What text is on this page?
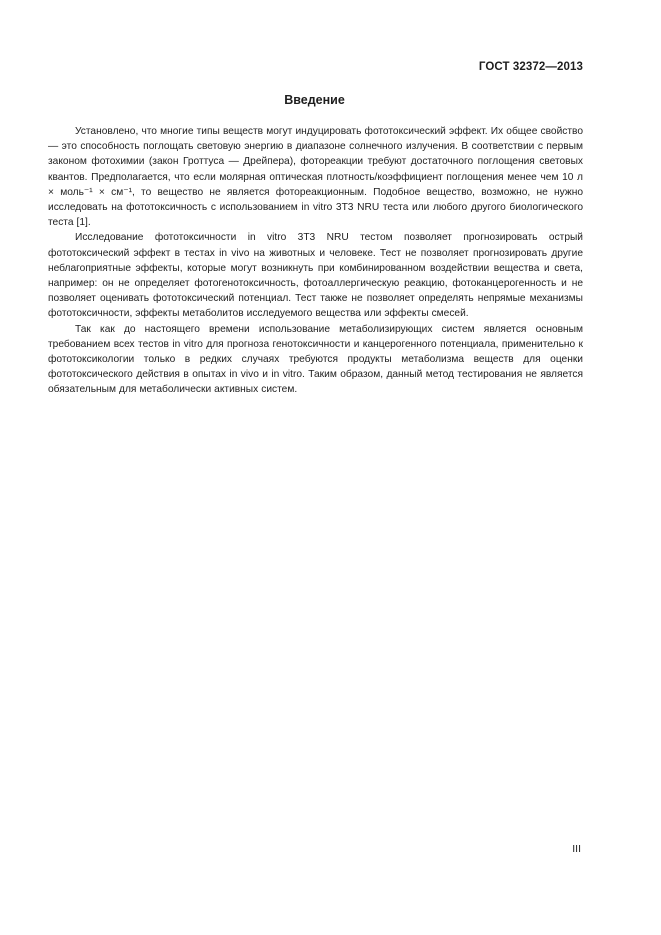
ГОСТ 32372—2013
Введение

Установлено, что многие типы веществ могут индуцировать фототоксический эффект. Их общее свойство — это способность поглощать световую энергию в диапазоне солнечного излучения. В соответствии с первым законом фотохимии (закон Гроттуса — Дрейпера), фотореакции требуют достаточного поглощения световых квантов. Предполагается, что если молярная оптическая плотность/коэффициент поглощения менее чем 10 л × моль⁻¹ × см⁻¹, то вещество не является фотореакционным. Подобное вещество, возможно, не нужно исследовать на фототоксичность с использованием in vitro 3T3 NRU теста или любого другого биологического теста [1].

Исследование фототоксичности in vitro 3T3 NRU тестом позволяет прогнозировать острый фототоксический эффект в тестах in vivo на животных и человеке. Тест не позволяет прогнозировать другие неблагоприятные эффекты, которые могут возникнуть при комбинированном воздействии вещества и света, например: он не определяет фотогенотоксичность, фотоаллергическую реакцию, фотоканцерогенность и не позволяет оценивать фототоксический потенциал. Тест также не позволяет определять непрямые механизмы фототоксичности, эффекты метаболитов исследуемого вещества или эффекты смесей.

Так как до настоящего времени использование метаболизирующих систем является основным требованием всех тестов in vitro для прогноза генотоксичности и канцерогенного потенциала, применительно к фототоксикологии только в редких случаях требуются продукты метаболизма веществ для оценки фототоксического действия в опытах in vivo и in vitro. Таким образом, данный метод тестирования не является обязательным для метаболически активных систем.

III
